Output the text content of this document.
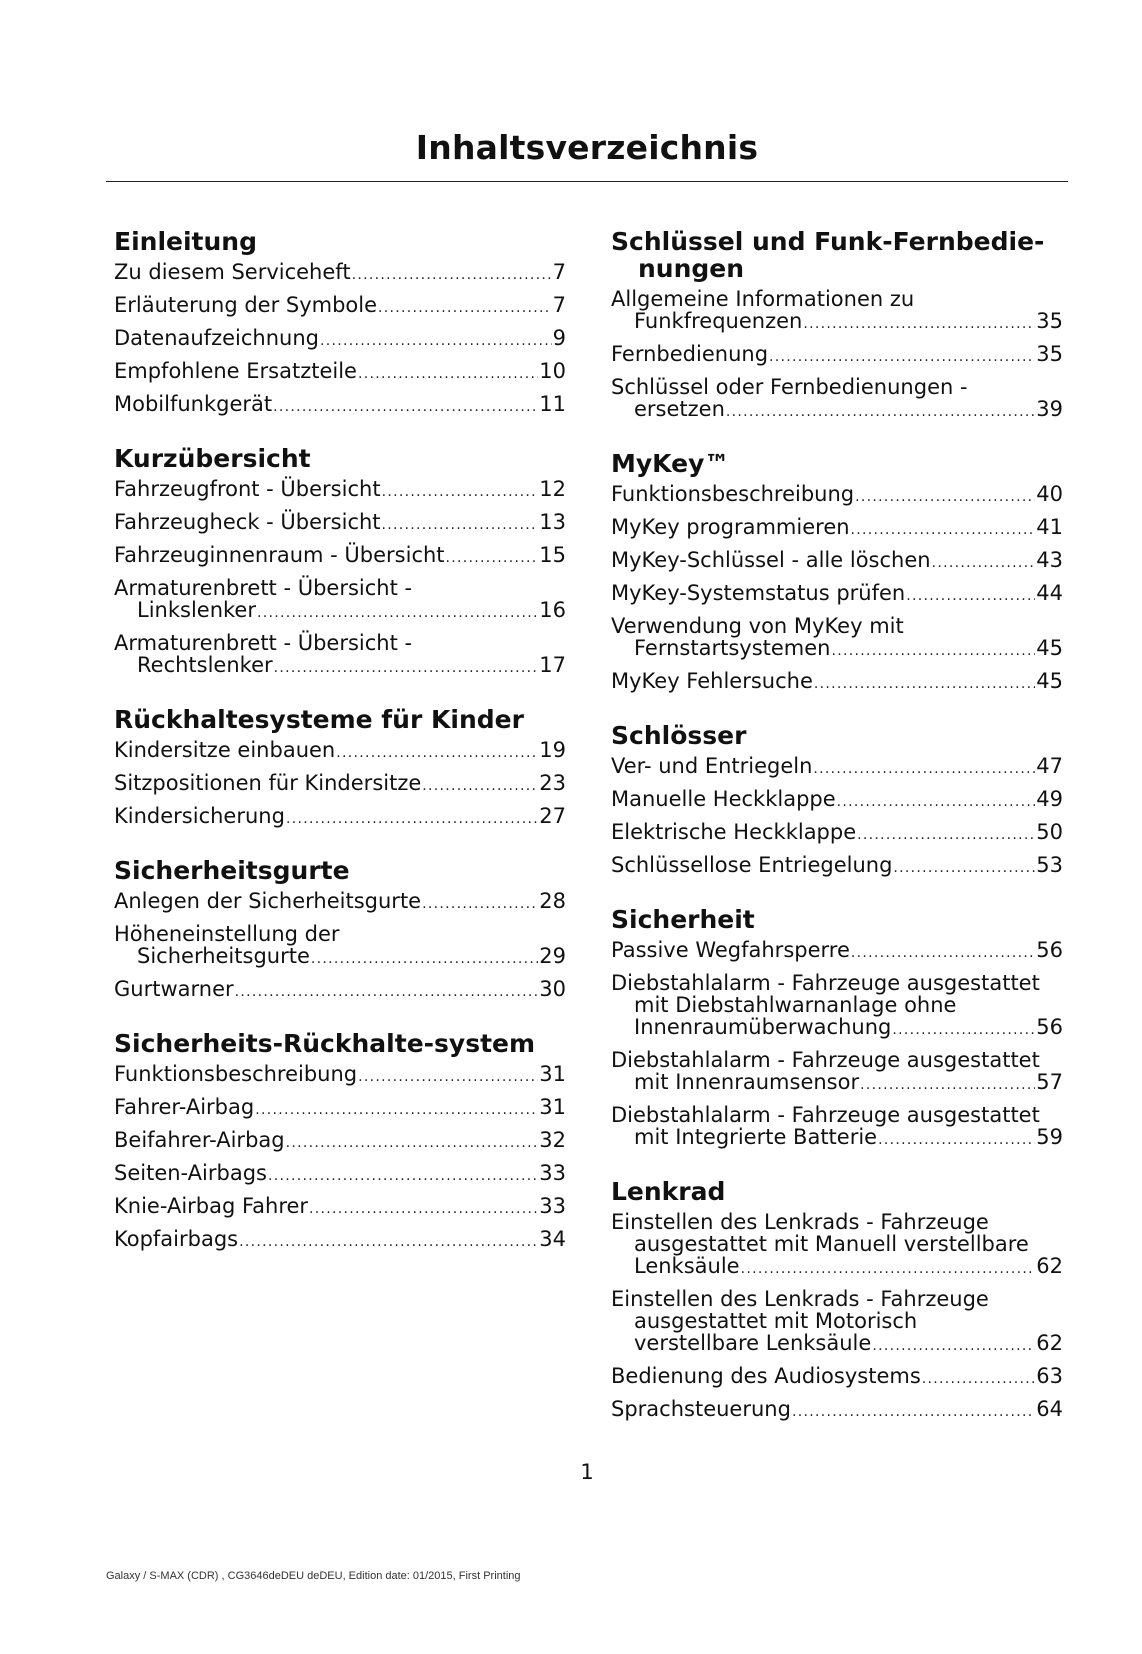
Inhaltsverzeichnis
Einleitung
Zu diesem Serviceheft .....	7
Erläuterung der Symbole .....	7
Datenaufzeichnung .....	9
Empfohlene Ersatzteile .....	10
Mobilfunkgerät .....	11
Kurzübersicht
Fahrzeugfront - Übersicht .....	12
Fahrzeugheck - Übersicht .....	13
Fahrzeuginnenraum - Übersicht .....	15
Armaturenbrett - Übersicht -
Linkslenker .....	16
Armaturenbrett - Übersicht -
Rechtslenker .....	17
Rückhaltesysteme für Kinder
Kindersitze einbauen .....	19
Sitzpositionen für Kindersitze .....	23
Kindersicherung .....	27
Sicherheitsgurte
Anlegen der Sicherheitsgurte .....	28
Höheneinstellung der
Sicherheitsgurte .....	29
Gurtwarner .....	30
Sicherheits-Rückhalte-system
Funktionsbeschreibung .....	31
Fahrer-Airbag .....	31
Beifahrer-Airbag .....	32
Seiten-Airbags .....	33
Knie-Airbag Fahrer .....	33
Kopfairbags .....	34
Schlüssel und Funk-Fernbedie-nungen
Allgemeine Informationen zu
Funkfrequenzen .....	35
Fernbedienung .....	35
Schlüssel oder Fernbedienungen -
ersetzen .....	39
MyKey™
Funktionsbeschreibung .....	40
MyKey programmieren .....	41
MyKey-Schlüssel - alle löschen .....	43
MyKey-Systemstatus prüfen .....	44
Verwendung von MyKey mit
Fernstartsystemen .....	45
MyKey Fehlersuche .....	45
Schlösser
Ver- und Entriegeln .....	47
Manuelle Heckklappe .....	49
Elektrische Heckklappe .....	50
Schlüssellose Entriegelung .....	53
Sicherheit
Passive Wegfahrsperre .....	56
Diebstahlalarm - Fahrzeuge ausgestattet
mit Diebstahlwarnanlage ohne
Innenraumüberwachung .....	56
Diebstahlalarm - Fahrzeuge ausgestattet
mit Innenraumsensor .....	57
Diebstahlalarm - Fahrzeuge ausgestattet
mit Integrierte Batterie .....	59
Lenkrad
Einstellen des Lenkrads - Fahrzeuge
ausgestattet mit Manuell verstellbare
Lenksäule .....	62
Einstellen des Lenkrads - Fahrzeuge
ausgestattet mit Motorisch
verstellbare Lenksäule .....	62
Bedienung des Audiosystems .....	63
Sprachsteuerung .....	64
1
Galaxy / S-MAX (CDR) , CG3646deDEU deDEU, Edition date: 01/2015, First Printing
